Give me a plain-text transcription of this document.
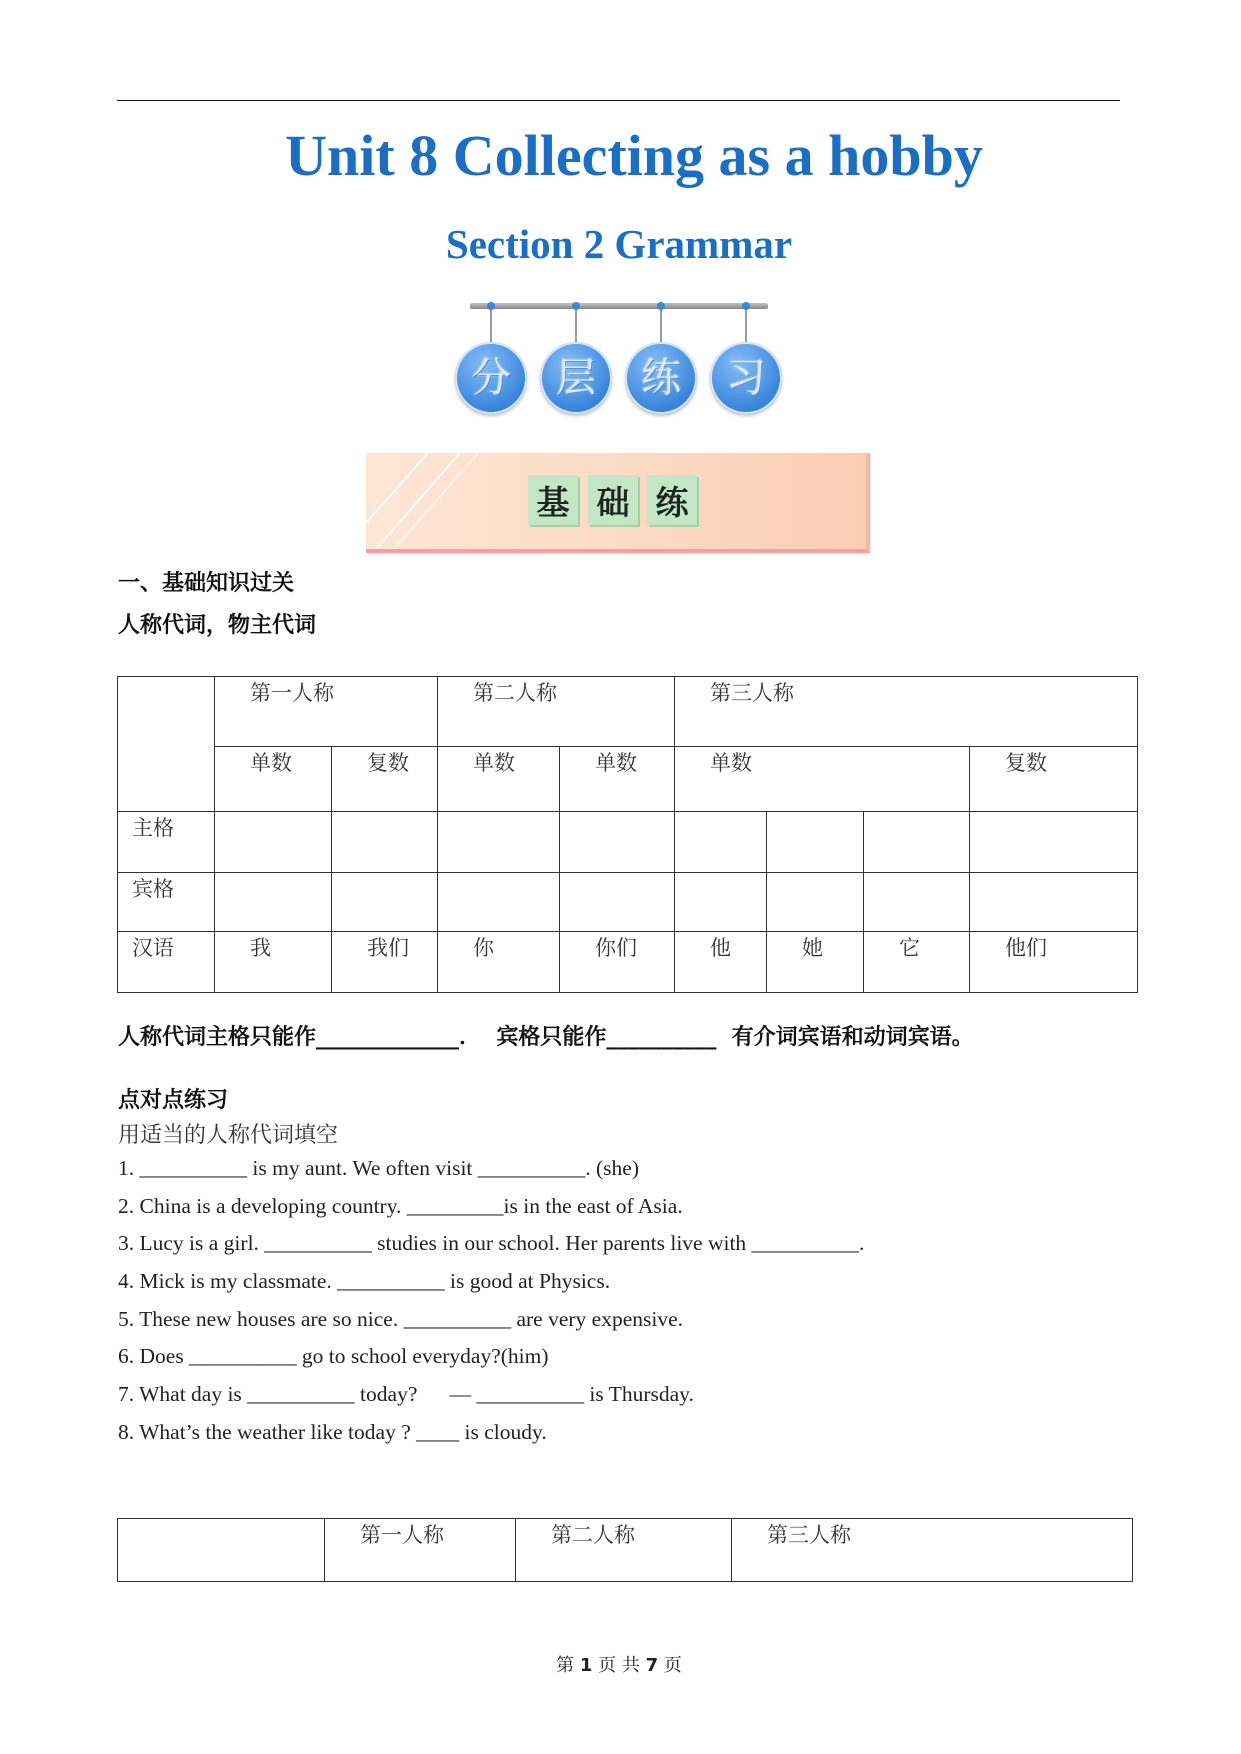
Unit 8 Collecting as a hobby
Section 2 Grammar
分	层	练	习
基 础 练
一、基础知识过关
人称代词，物主代词
	第一人称		第二人称		第三人称			
	单数	复数	单数	单数	单数			复数
主格								
宾格								
汉语	我	我们	你	你们	他	她	它	他们
人称代词主格只能作_____________．  宾格只能作__________  有介词宾语和动词宾语。
点对点练习
用适当的人称代词填空
1. __________ is my aunt. We often visit __________. (she)
2. China is a developing country. _________is in the east of Asia.
3. Lucy is a girl. __________ studies in our school. Her parents live with __________.
4. Mick is my classmate. __________ is good at Physics.
5. These new houses are so nice. __________ are very expensive.
6. Does __________ go to school everyday?(him)
7. What day is __________ today?      — __________ is Thursday.
8. What’s the weather like today ? ____ is cloudy.
	第一人称	第二人称	第三人称
第 1 页 共 7 页
